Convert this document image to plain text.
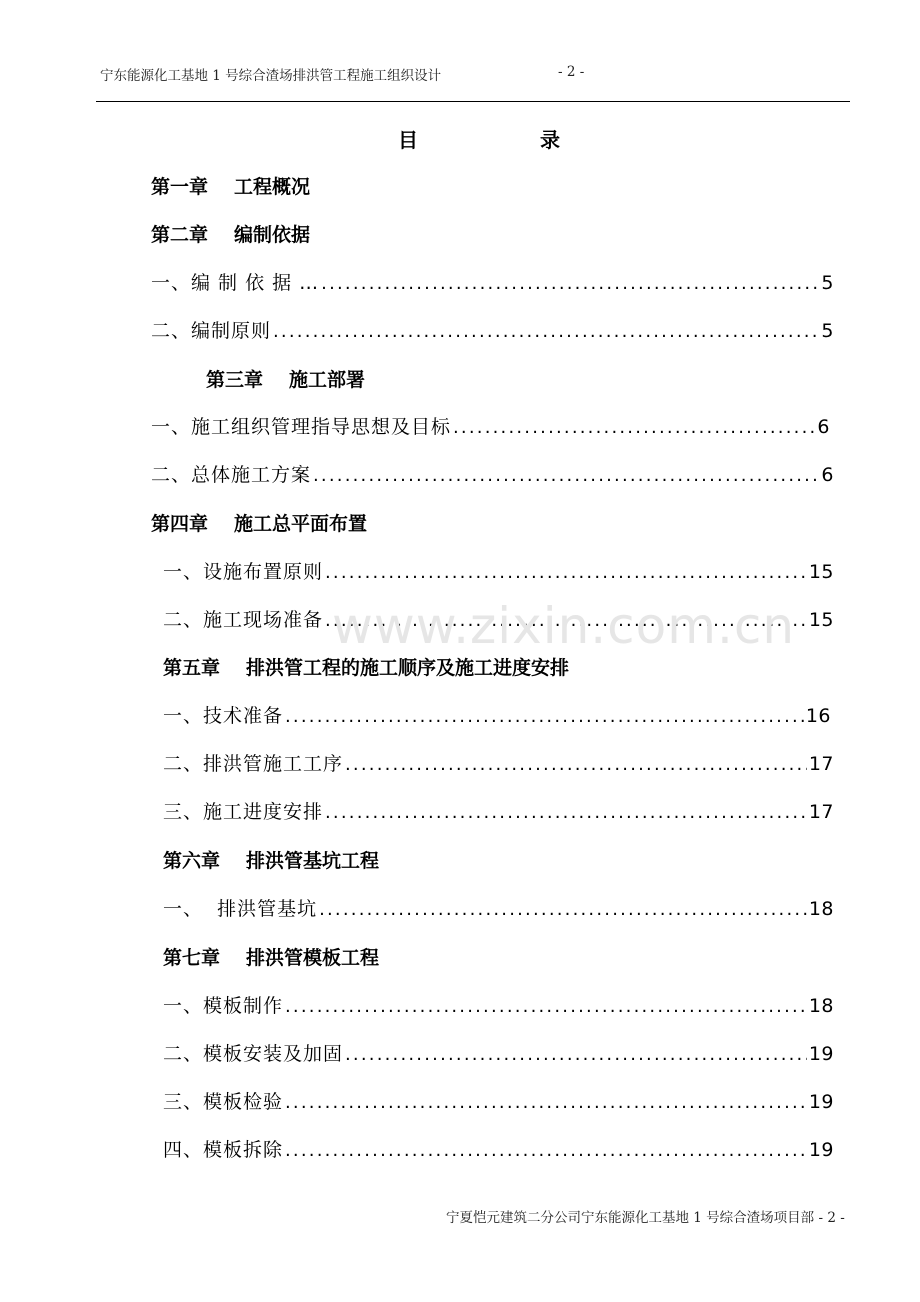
宁东能源化工基地 1 号综合渣场排洪管工程施工组织设计	- 2 -
目	录
第一章 工程概况
第二章 编制依据
一、编 制 依 据 … .....	5
二、编制原则 .....	5
第三章 施工部署
一、施工组织管理指导思想及目标 .....	6
二、总体施工方案 .....	6
第四章 施工总平面布置
一、设施布置原则 .....	15
二、施工现场准备 .....	15
第五章 排洪管工程的施工顺序及施工进度安排
一、技术准备 .....	16
二、排洪管施工工序 .....	17
三、施工进度安排 .....	17
第六章 排洪管基坑工程
一、  排洪管基坑 .....	18
第七章 排洪管模板工程
一、模板制作 .....	18
二、模板安装及加固 .....	19
三、模板检验 .....	19
四、模板拆除 .....	19
www.zixin.com.cn
宁夏恺元建筑二分公司宁东能源化工基地 1 号综合渣场项目部 - 2 -
